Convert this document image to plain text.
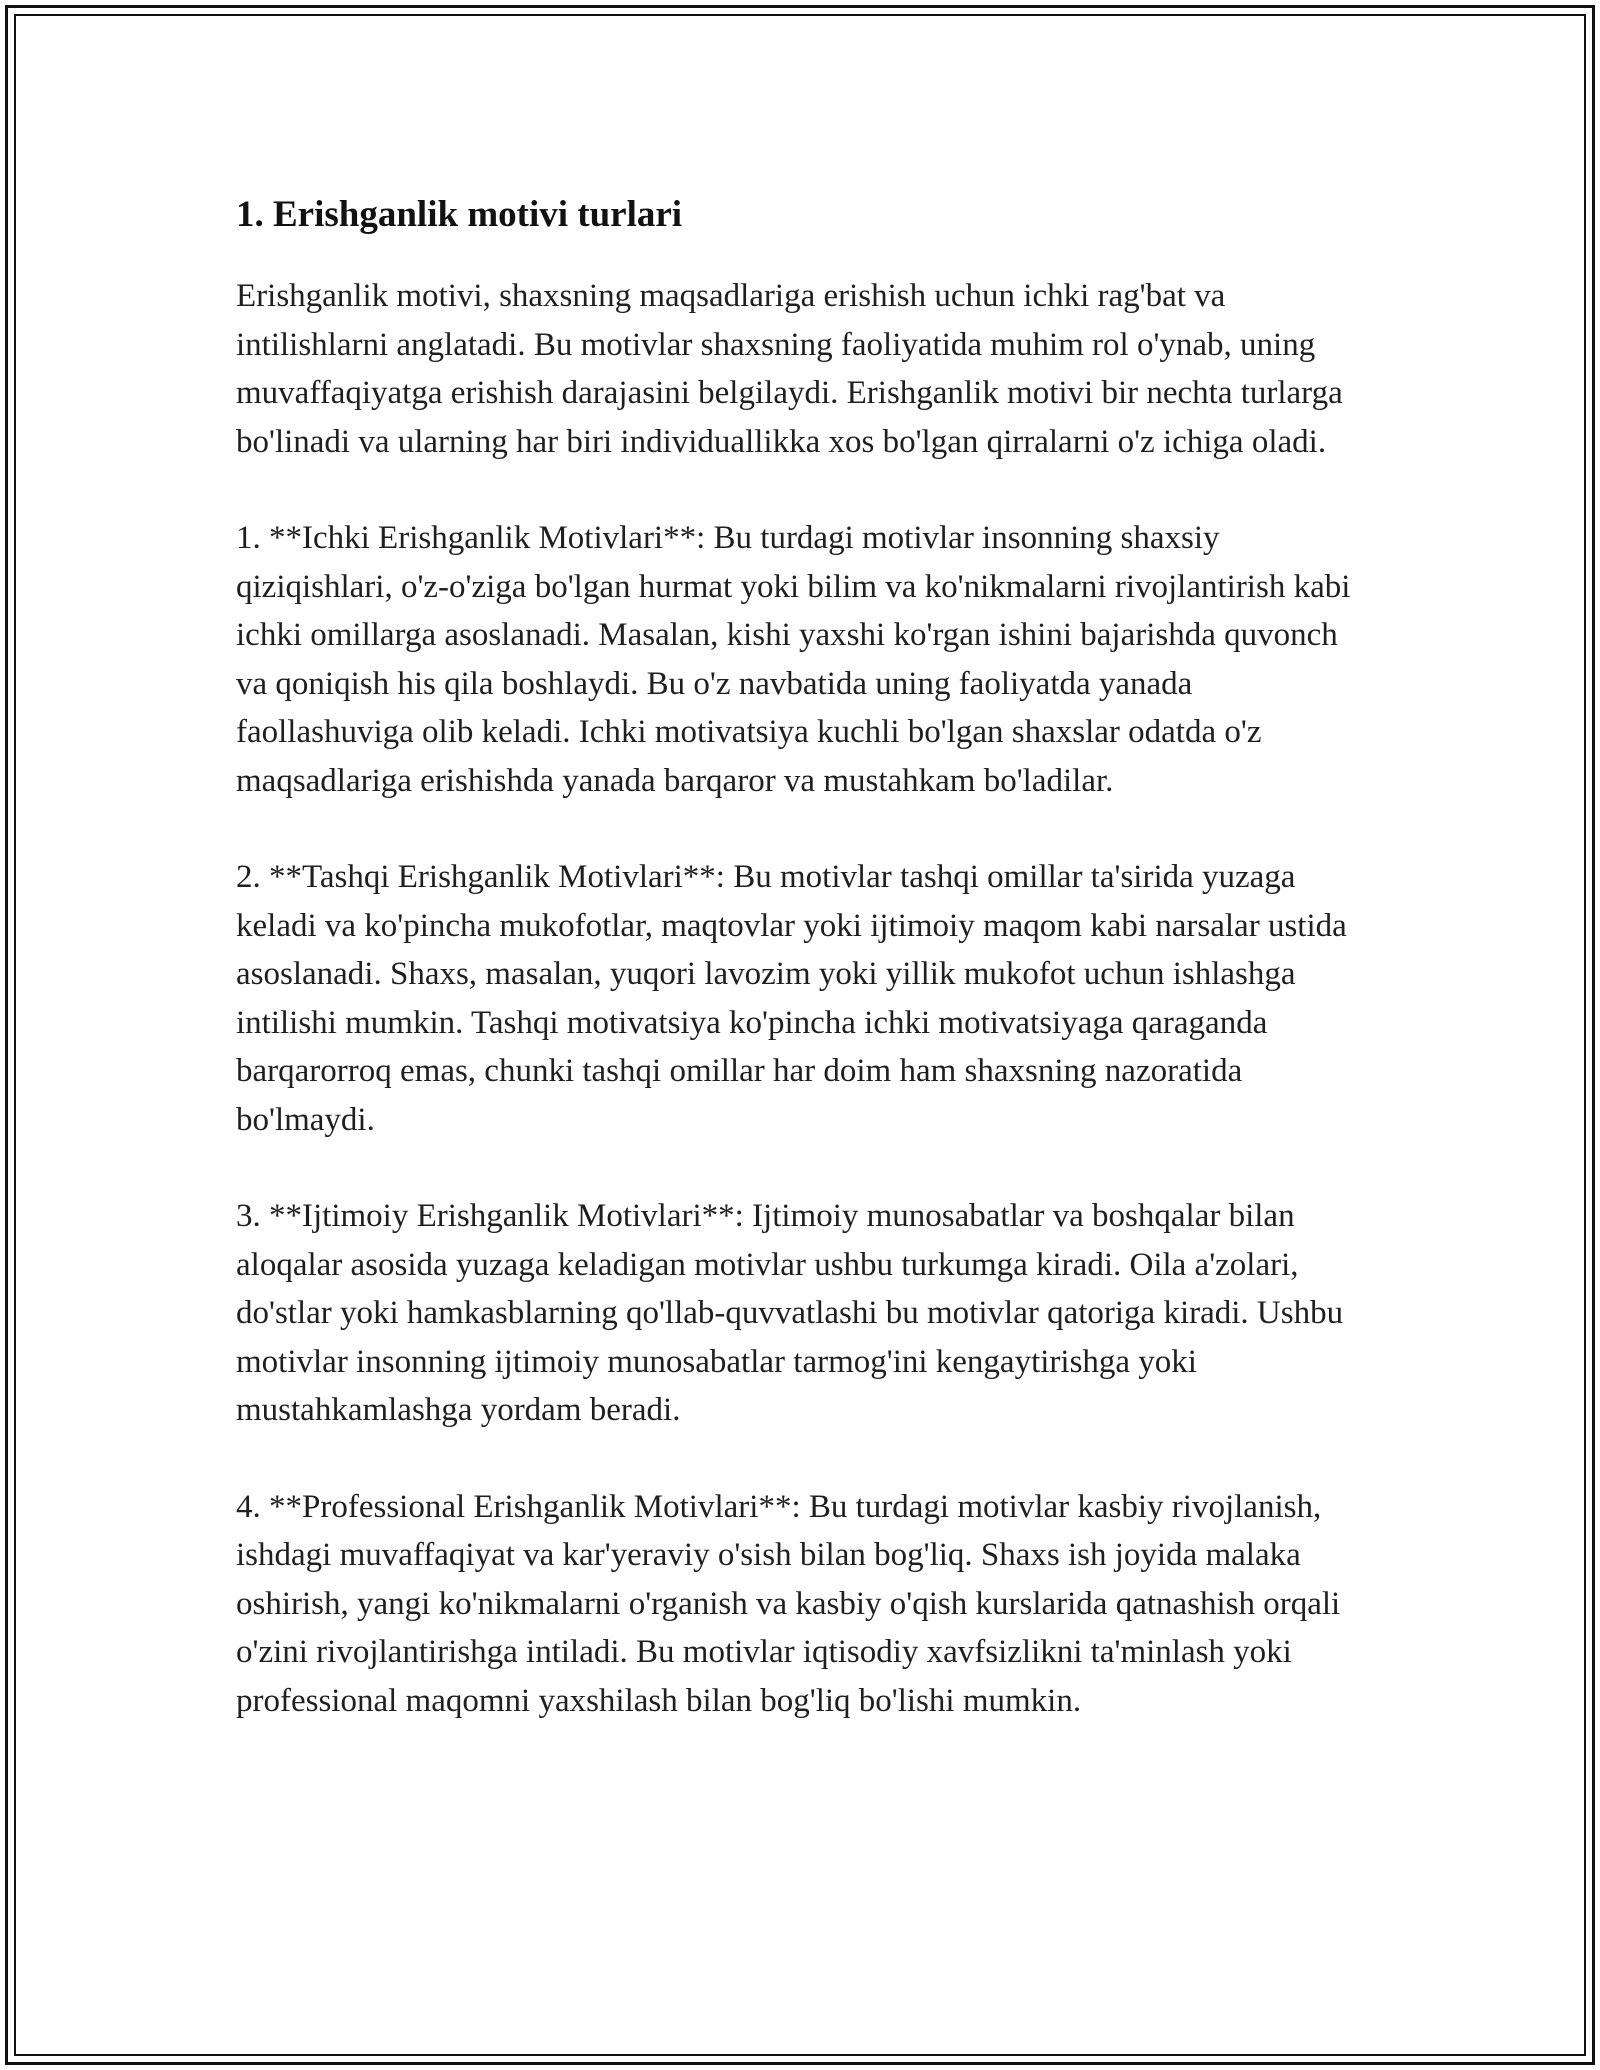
1. Erishganlik motivi turlari

Erishganlik motivi, shaxsning maqsadlariga erishish uchun ichki rag'bat va intilishlarni anglatadi. Bu motivlar shaxsning faoliyatida muhim rol o'ynab, uning muvaffaqiyatga erishish darajasini belgilaydi. Erishganlik motivi bir nechta turlarga bo'linadi va ularning har biri individuallikka xos bo'lgan qirralarni o'z ichiga oladi.

1. **Ichki Erishganlik Motivlari**: Bu turdagi motivlar insonning shaxsiy qiziqishlari, o'z-o'ziga bo'lgan hurmat yoki bilim va ko'nikmalarni rivojlantirish kabi ichki omillarga asoslanadi. Masalan, kishi yaxshi ko'rgan ishini bajarishda quvonch va qoniqish his qila boshlaydi. Bu o'z navbatida uning faoliyatda yanada faollashuviga olib keladi. Ichki motivatsiya kuchli bo'lgan shaxslar odatda o'z maqsadlariga erishishda yanada barqaror va mustahkam bo'ladilar.

2. **Tashqi Erishganlik Motivlari**: Bu motivlar tashqi omillar ta'sirida yuzaga keladi va ko'pincha mukofotlar, maqtovlar yoki ijtimoiy maqom kabi narsalar ustida asoslanadi. Shaxs, masalan, yuqori lavozim yoki yillik mukofot uchun ishlashga intilishi mumkin. Tashqi motivatsiya ko'pincha ichki motivatsiyaga qaraganda barqarorroq emas, chunki tashqi omillar har doim ham shaxsning nazoratida bo'lmaydi.

3. **Ijtimoiy Erishganlik Motivlari**: Ijtimoiy munosabatlar va boshqalar bilan aloqalar asosida yuzaga keladigan motivlar ushbu turkumga kiradi. Oila a'zolari, do'stlar yoki hamkasblarning qo'llab-quvvatlashi bu motivlar qatoriga kiradi. Ushbu motivlar insonning ijtimoiy munosabatlar tarmog'ini kengaytirishga yoki mustahkamlashga yordam beradi.

4. **Professional Erishganlik Motivlari**: Bu turdagi motivlar kasbiy rivojlanish, ishdagi muvaffaqiyat va kar'yeraviy o'sish bilan bog'liq. Shaxs ish joyida malaka oshirish, yangi ko'nikmalarni o'rganish va kasbiy o'qish kurslarida qatnashish orqali o'zini rivojlantirishga intiladi. Bu motivlar iqtisodiy xavfsizlikni ta'minlash yoki professional maqomni yaxshilash bilan bog'liq bo'lishi mumkin.
